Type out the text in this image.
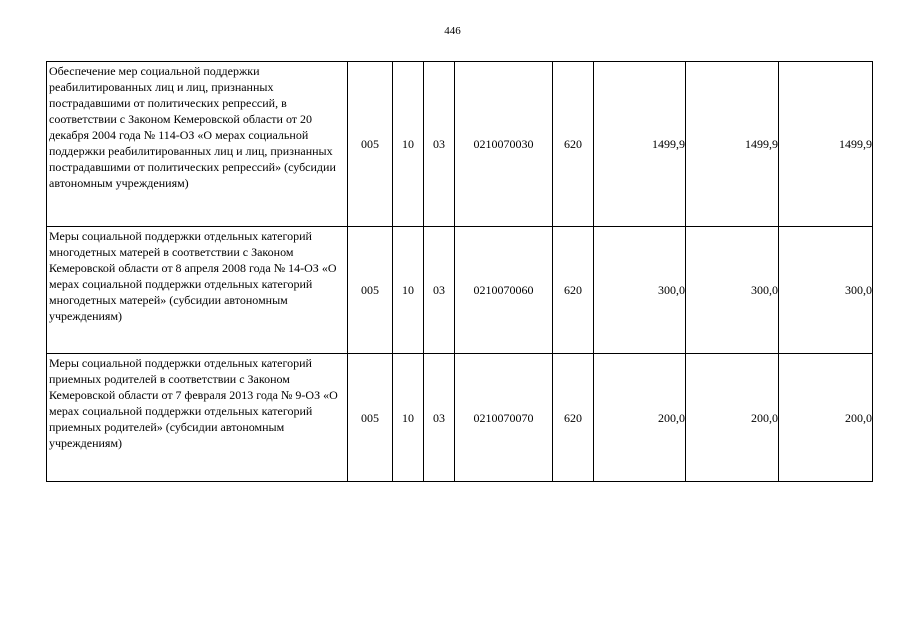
446
Обеспечение мер социальной поддержки реабилитированных лиц и лиц, признанных пострадавшими от политических репрессий, в соответствии с Законом Кемеровской области от 20 декабря 2004 года № 114-ОЗ «О мерах социальной поддержки реабилитированных лиц и лиц, признанных пострадавшими от политических репрессий» (субсидии автономным учреждениям)	005	10	03	0210070030	620	1499,9	1499,9	1499,9
Меры социальной поддержки отдельных категорий многодетных матерей в соответствии с Законом Кемеровской области от 8 апреля 2008 года № 14-ОЗ «О мерах социальной поддержки отдельных категорий многодетных матерей» (субсидии автономным учреждениям)	005	10	03	0210070060	620	300,0	300,0	300,0
Меры социальной поддержки отдельных категорий приемных родителей в соответствии с Законом Кемеровской области от 7 февраля 2013 года № 9-ОЗ «О мерах социальной поддержки отдельных категорий приемных родителей» (субсидии автономным учреждениям)	005	10	03	0210070070	620	200,0	200,0	200,0
